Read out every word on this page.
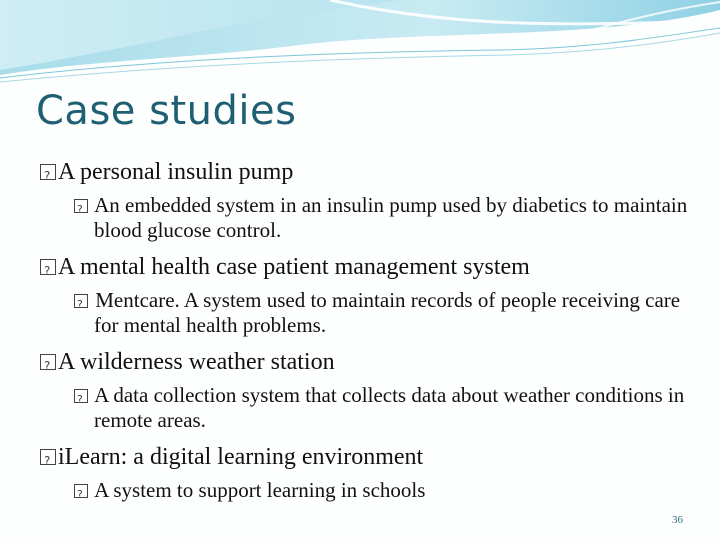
Case studies
?
A personal insulin pump
? An embedded system in an insulin pump used by diabetics to maintain blood glucose control.
?
A mental health case patient management system
? Mentcare. A system used to maintain records of people receiving care for mental health problems.
?
A wilderness weather station
? A data collection system that collects data about weather conditions in remote areas.
?
iLearn: a digital learning environment
? A system to support learning in schools
36
